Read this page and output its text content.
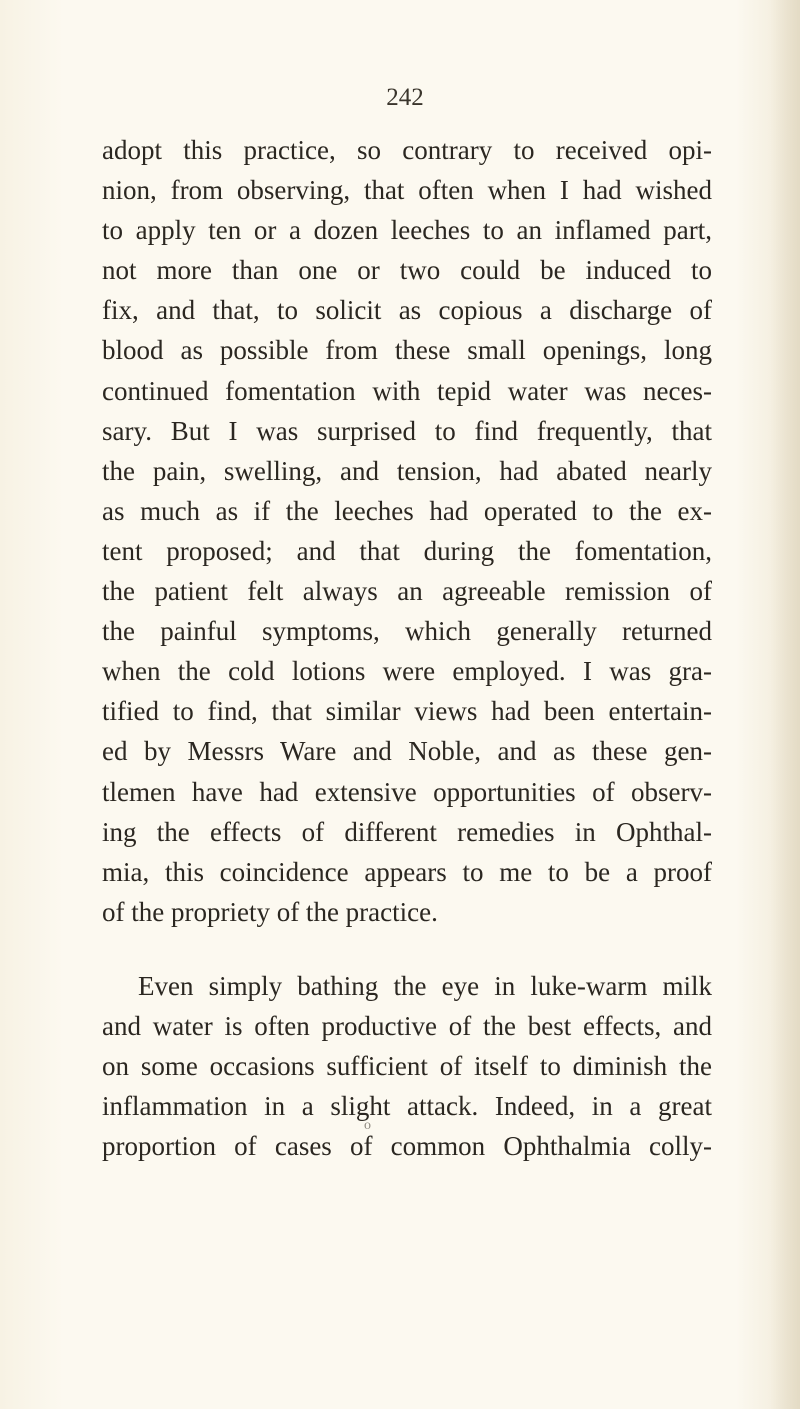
242
adopt this practice, so contrary to received opi-
nion, from observing, that often when I had wished
to apply ten or a dozen leeches to an inflamed part,
not more than one or two could be induced to
fix, and that, to solicit as copious a discharge of
blood as possible from these small openings, long
continued fomentation with tepid water was neces-
sary. But I was surprised to find frequently, that
the pain, swelling, and tension, had abated nearly
as much as if the leeches had operated to the ex-
tent proposed; and that during the fomentation,
the patient felt always an agreeable remission of
the painful symptoms, which generally returned
when the cold lotions were employed. I was gra-
tified to find, that similar views had been entertain-
ed by Messrs Ware and Noble, and as these gen-
tlemen have had extensive opportunities of observ-
ing the effects of different remedies in Ophthal-
mia, this coincidence appears to me to be a proof
of the propriety of the practice.
Even simply bathing the eye in luke-warm milk
and water is often productive of the best effects, and
on some occasions sufficient of itself to diminish the
inflammation in a slight attack. Indeed, in a great
proportion of cases of common Ophthalmia colly-
o
